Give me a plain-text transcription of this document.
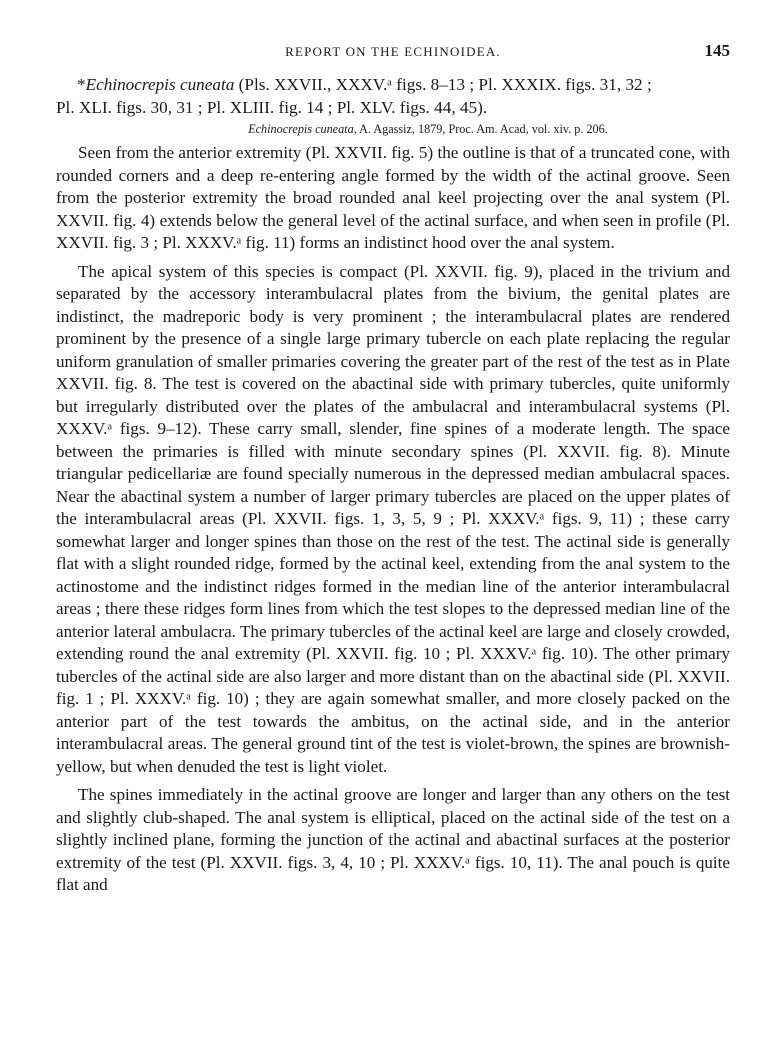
REPORT ON THE ECHINOIDEA.	145
*Echinocrepis cuneata (Pls. XXVII., XXXV.ᵃ figs. 8–13 ; Pl. XXXIX. figs. 31, 32 ;
Pl. XLI. figs. 30, 31 ; Pl. XLIII. fig. 14 ; Pl. XLV. figs. 44, 45).
Echinocrepis cuneata, A. Agassiz, 1879, Proc. Am. Acad, vol. xiv. p. 206.

Seen from the anterior extremity (Pl. XXVII. fig. 5) the outline is that of a truncated cone, with rounded corners and a deep re-entering angle formed by the width of the actinal groove. Seen from the posterior extremity the broad rounded anal keel projecting over the anal system (Pl. XXVII. fig. 4) extends below the general level of the actinal surface, and when seen in profile (Pl. XXVII. fig. 3 ; Pl. XXXV.ᵃ fig. 11) forms an indistinct hood over the anal system.

The apical system of this species is compact (Pl. XXVII. fig. 9), placed in the trivium and separated by the accessory interambulacral plates from the bivium, the genital plates are indistinct, the madreporic body is very prominent ; the interambulacral plates are rendered prominent by the presence of a single large primary tubercle on each plate replacing the regular uniform granulation of smaller primaries covering the greater part of the rest of the test as in Plate XXVII. fig. 8. The test is covered on the abactinal side with primary tubercles, quite uniformly but irregularly distributed over the plates of the ambulacral and interambulacral systems (Pl. XXXV.ᵃ figs. 9–12). These carry small, slender, fine spines of a moderate length. The space between the primaries is filled with minute secondary spines (Pl. XXVII. fig. 8). Minute triangular pedicellariæ are found specially numerous in the depressed median ambulacral spaces. Near the abactinal system a number of larger primary tubercles are placed on the upper plates of the interambulacral areas (Pl. XXVII. figs. 1, 3, 5, 9 ; Pl. XXXV.ᵃ figs. 9, 11) ; these carry somewhat larger and longer spines than those on the rest of the test. The actinal side is generally flat with a slight rounded ridge, formed by the actinal keel, extending from the anal system to the actinostome and the indistinct ridges formed in the median line of the anterior interambulacral areas ; there these ridges form lines from which the test slopes to the depressed median line of the anterior lateral ambulacra. The primary tubercles of the actinal keel are large and closely crowded, extending round the anal extremity (Pl. XXVII. fig. 10 ; Pl. XXXV.ᵃ fig. 10). The other primary tubercles of the actinal side are also larger and more distant than on the abactinal side (Pl. XXVII. fig. 1 ; Pl. XXXV.ᵃ fig. 10) ; they are again somewhat smaller, and more closely packed on the anterior part of the test towards the ambitus, on the actinal side, and in the anterior interambulacral areas. The general ground tint of the test is violet-brown, the spines are brownish-yellow, but when denuded the test is light violet.

The spines immediately in the actinal groove are longer and larger than any others on the test and slightly club-shaped. The anal system is elliptical, placed on the actinal side of the test on a slightly inclined plane, forming the junction of the actinal and abactinal surfaces at the posterior extremity of the test (Pl. XXVII. figs. 3, 4, 10 ; Pl. XXXV.ᵃ figs. 10, 11). The anal pouch is quite flat and
